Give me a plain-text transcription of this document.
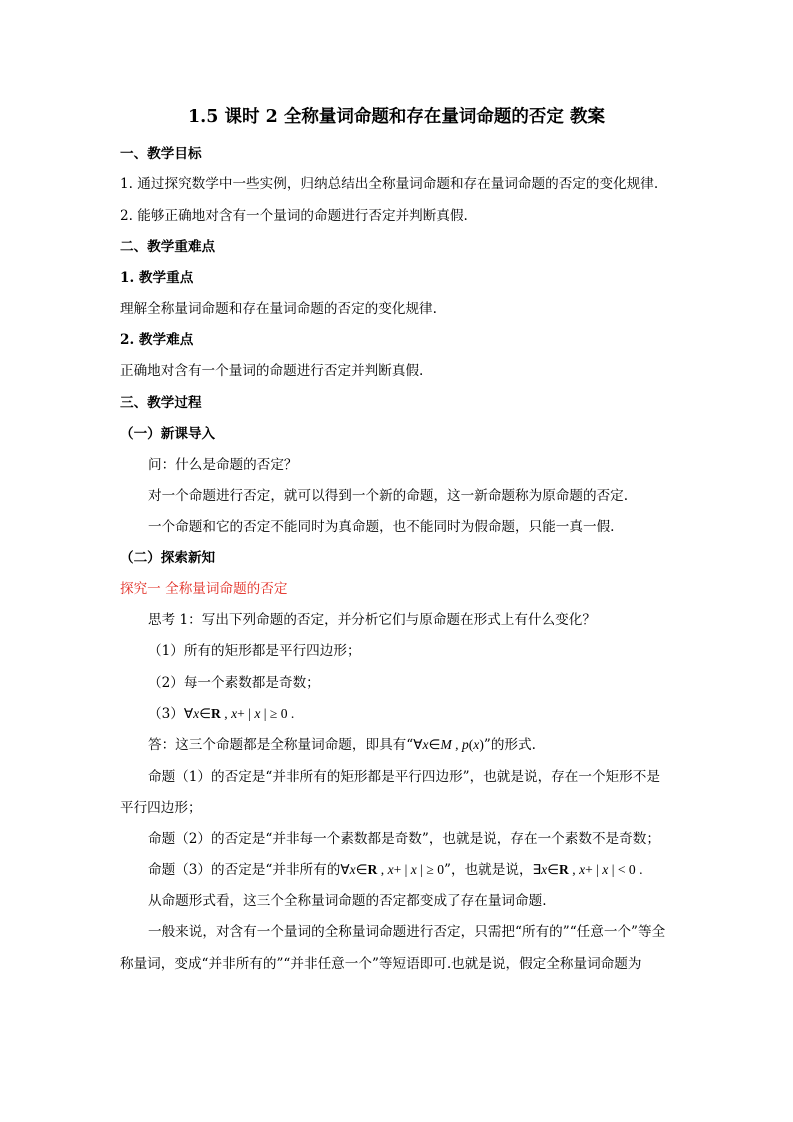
1.5 课时 2 全称量词命题和存在量词命题的否定 教案
一、教学目标
1. 通过探究数学中一些实例，归纳总结出全称量词命题和存在量词命题的否定的变化规律.
2. 能够正确地对含有一个量词的命题进行否定并判断真假.
二、教学重难点
1. 教学重点
理解全称量词命题和存在量词命题的否定的变化规律.
2. 教学难点
正确地对含有一个量词的命题进行否定并判断真假.
三、教学过程
（一）新课导入
问：什么是命题的否定？
对一个命题进行否定，就可以得到一个新的命题，这一新命题称为原命题的否定.
一个命题和它的否定不能同时为真命题，也不能同时为假命题，只能一真一假.
（二）探索新知
探究一 全称量词命题的否定
思考 1：写出下列命题的否定，并分析它们与原命题在形式上有什么变化？
（1）所有的矩形都是平行四边形；
（2）每一个素数都是奇数；
（3）∀x∈R , x+ | x | ≥ 0 .
答：这三个命题都是全称量词命题，即具有“∀x∈M , p(x)”的形式.
命题（1）的否定是“并非所有的矩形都是平行四边形”，也就是说，存在一个矩形不是
平行四边形；
命题（2）的否定是“并非每一个素数都是奇数”，也就是说，存在一个素数不是奇数；
命题（3）的否定是“并非所有的∀x∈R , x+ | x | ≥ 0”，也就是说，∃x∈R , x+ | x | < 0 .
从命题形式看，这三个全称量词命题的否定都变成了存在量词命题.
一般来说，对含有一个量词的全称量词命题进行否定，只需把“所有的”“任意一个”等全
称量词，变成“并非所有的”“并非任意一个”等短语即可.也就是说，假定全称量词命题为
